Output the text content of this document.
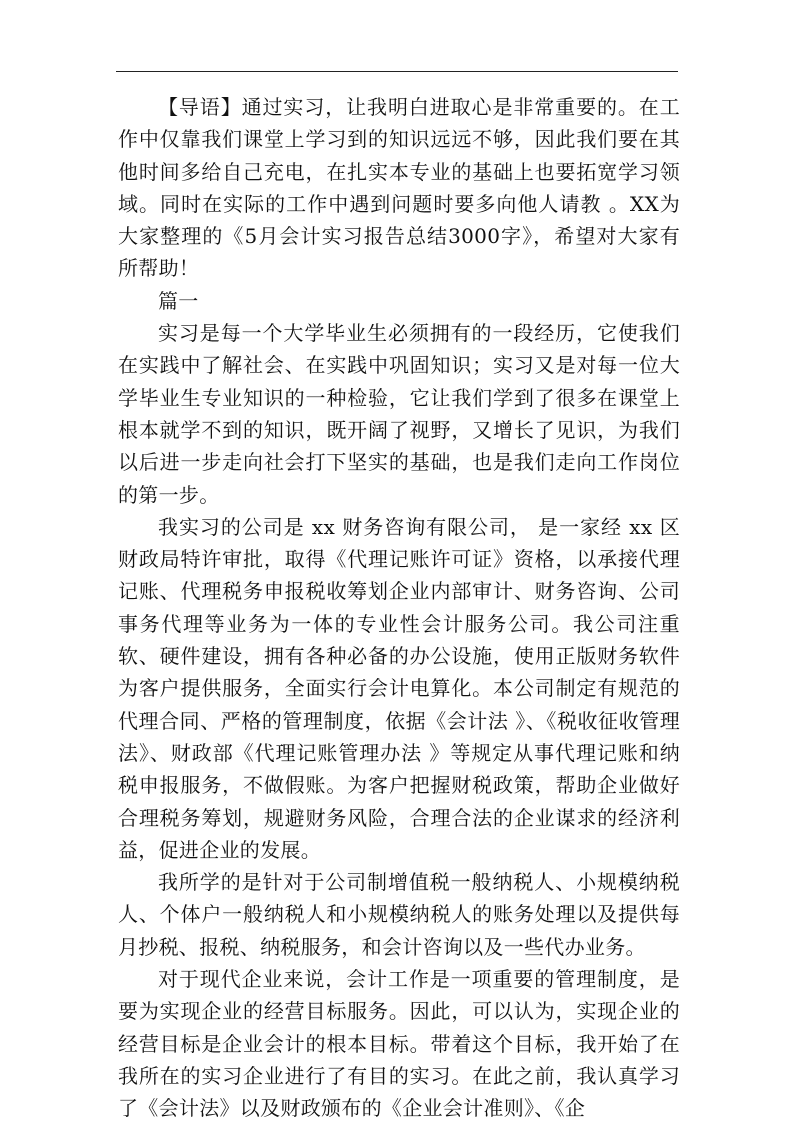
【导语】通过实习，让我明白进取心是非常重要的。在工作中仅靠我们课堂上学习到的知识远远不够，因此我们要在其他时间多给自己充电，在扎实本专业的基础上也要拓宽学习领域。同时在实际的工作中遇到问题时要多向他人请教 。XX为大家整理的《5月会计实习报告总结3000字》，希望对大家有所帮助！

篇一

实习是每一个大学毕业生必须拥有的一段经历，它使我们在实践中了解社会、在实践中巩固知识；实习又是对每一位大学毕业生专业知识的一种检验，它让我们学到了很多在课堂上根本就学不到的知识，既开阔了视野，又增长了见识，为我们以后进一步走向社会打下坚实的基础，也是我们走向工作岗位的第一步。

我实习的公司是 xx 财务咨询有限公司， 是一家经 xx 区财政局特许审批，取得《代理记账许可证》资格，以承接代理记账、代理税务申报税收筹划企业内部审计、财务咨询、公司事务代理等业务为一体的专业性会计服务公司。我公司注重软、硬件建设，拥有各种必备的办公设施，使用正版财务软件为客户提供服务，全面实行会计电算化。本公司制定有规范的代理合同、严格的管理制度，依据《会计法 》、《税收征收管理法》、财政部《代理记账管理办法 》等规定从事代理记账和纳税申报服务，不做假账。为客户把握财税政策，帮助企业做好合理税务筹划，规避财务风险，合理合法的企业谋求的经济利益，促进企业的发展。

我所学的是针对于公司制增值税一般纳税人、小规模纳税人、个体户一般纳税人和小规模纳税人的账务处理以及提供每月抄税、报税、纳税服务，和会计咨询以及一些代办业务。

对于现代企业来说，会计工作是一项重要的管理制度，是要为实现企业的经营目标服务。因此，可以认为，实现企业的经营目标是企业会计的根本目标。带着这个目标，我开始了在我所在的实习企业进行了有目的实习。在此之前，我认真学习了《会计法》以及财政颁布的《企业会计准则》、《企
